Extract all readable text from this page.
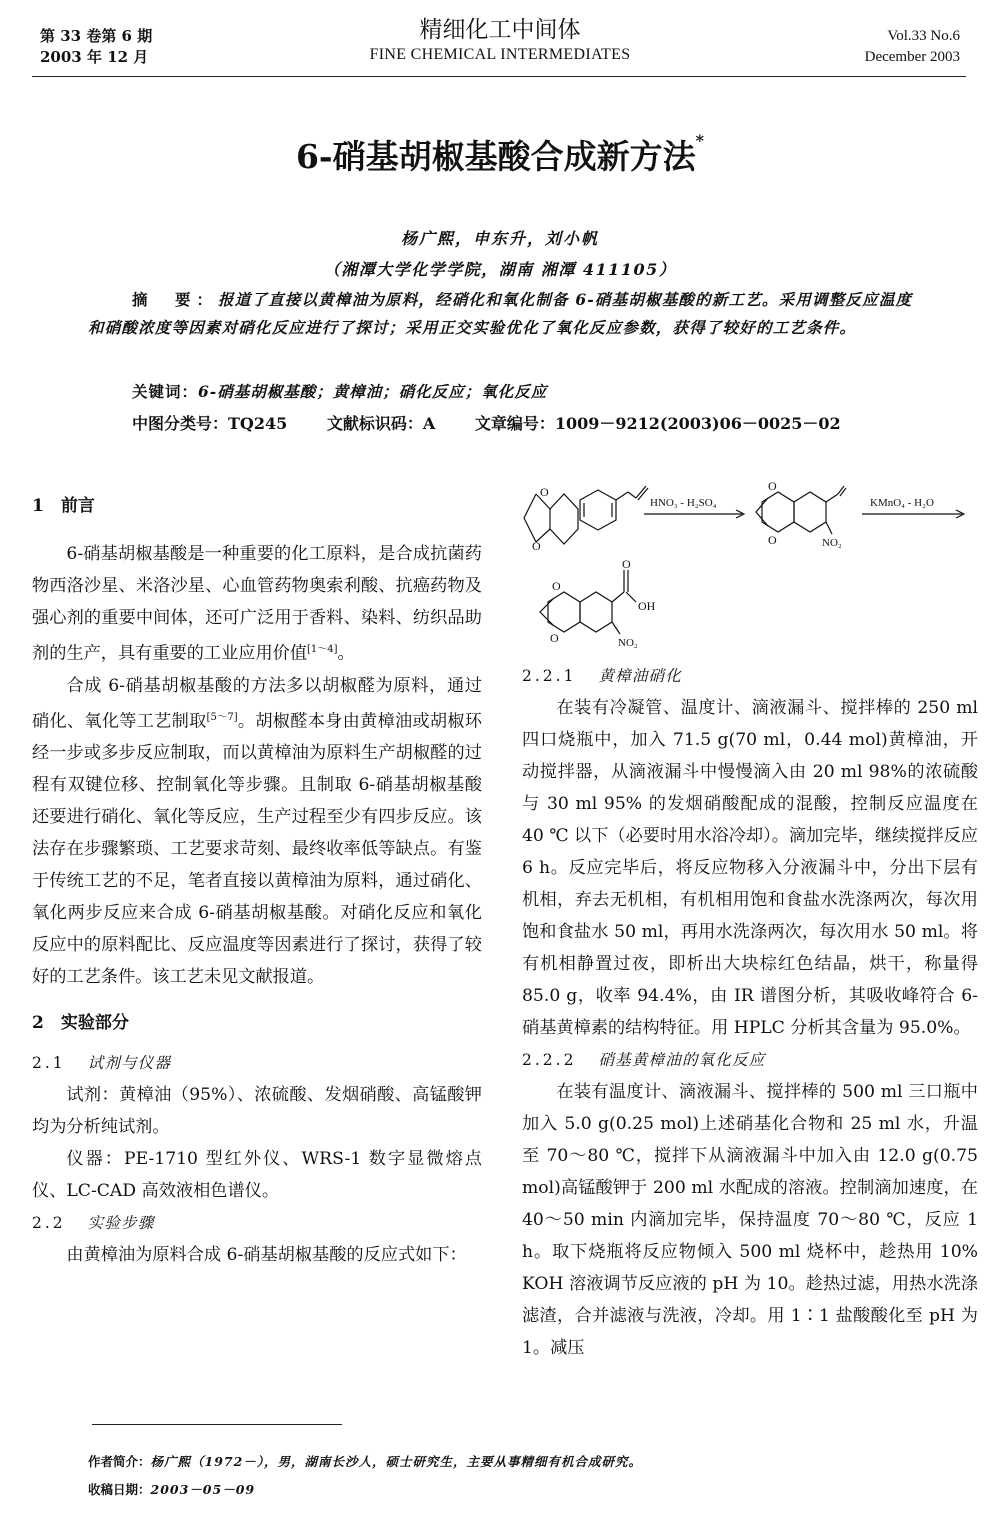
第 33 卷第 6 期
2003 年 12 月
精细化工中间体
FINE CHEMICAL INTERMEDIATES
Vol.33 No.6
December 2003
6-硝基胡椒基酸合成新方法*
杨广熙，申东升，刘小帆
（湘潭大学化学学院，湖南 湘潭 411105）
摘　要：报道了直接以黄樟油为原料，经硝化和氧化制备 6-硝基胡椒基酸的新工艺。采用调整反应温度和硝酸浓度等因素对硝化反应进行了探讨；采用正交实验优化了氧化反应参数，获得了较好的工艺条件。
关键词：6-硝基胡椒基酸；黄樟油；硝化反应；氧化反应
中图分类号：TQ245 文献标识码：A 文章编号：1009－9212(2003)06－0025－02
1　前言

6-硝基胡椒基酸是一种重要的化工原料，是合成抗菌药物西洛沙星、米洛沙星、心血管药物奥索利酸、抗癌药物及强心剂的重要中间体，还可广泛用于香料、染料、纺织品助剂的生产，具有重要的工业应用价值[1～4]。

合成 6-硝基胡椒基酸的方法多以胡椒醛为原料，通过硝化、氧化等工艺制取[5～7]。胡椒醛本身由黄樟油或胡椒环经一步或多步反应制取，而以黄樟油为原料生产胡椒醛的过程有双键位移、控制氧化等步骤。且制取 6-硝基胡椒基酸还要进行硝化、氧化等反应，生产过程至少有四步反应。该法存在步骤繁琐、工艺要求苛刻、最终收率低等缺点。有鉴于传统工艺的不足，笔者直接以黄樟油为原料，通过硝化、氧化两步反应来合成 6-硝基胡椒基酸。对硝化反应和氧化反应中的原料配比、反应温度等因素进行了探讨，获得了较好的工艺条件。该工艺未见文献报道。

2　实验部分
2.1 试剂与仪器

试剂：黄樟油（95%）、浓硫酸、发烟硝酸、高锰酸钾均为分析纯试剂。

仪器：PE-1710 型红外仪、WRS-1 数字显微熔点仪、LC-CAD 高效液相色谱仪。

2.2 实验步骤

由黄樟油为原料合成 6-硝基胡椒基酸的反应式如下：

O
O
HNO₃ - H₂SO₄
O
O	NO₂
KMnO₄ - H₂O
O
OH
O
O	NO₂
2.2.1 黄樟油硝化

在装有冷凝管、温度计、滴液漏斗、搅拌棒的 250 ml 四口烧瓶中，加入 71.5 g(70 ml，0.44 mol)黄樟油，开动搅拌器，从滴液漏斗中慢慢滴入由 20 ml 98%的浓硫酸与 30 ml 95% 的发烟硝酸配成的混酸，控制反应温度在 40 ℃ 以下（必要时用水浴冷却）。滴加完毕，继续搅拌反应 6 h。反应完毕后，将反应物移入分液漏斗中，分出下层有机相，弃去无机相，有机相用饱和食盐水洗涤两次，每次用饱和食盐水 50 ml，再用水洗涤两次，每次用水 50 ml。将有机相静置过夜，即析出大块棕红色结晶，烘干，称量得 85.0 g，收率 94.4%，由 IR 谱图分析，其吸收峰符合 6-硝基黄樟素的结构特征。用 HPLC 分析其含量为 95.0%。

2.2.2 硝基黄樟油的氧化反应

在装有温度计、滴液漏斗、搅拌棒的 500 ml 三口瓶中加入 5.0 g(0.25 mol)上述硝基化合物和 25 ml 水，升温至 70～80 ℃，搅拌下从滴液漏斗中加入由 12.0 g(0.75 mol)高锰酸钾于 200 ml 水配成的溶液。控制滴加速度，在 40～50 min 内滴加完毕，保持温度 70～80 ℃，反应 1 h。取下烧瓶将反应物倾入 500 ml 烧杯中，趁热用 10% KOH 溶液调节反应液的 pH 为 10。趁热过滤，用热水洗涤滤渣，合并滤液与洗液，冷却。用 1∶1 盐酸酸化至 pH 为 1。减压

作者简介：杨广熙（1972－），男，湖南长沙人，硕士研究生，主要从事精细有机合成研究。
收稿日期：2003－05－09
